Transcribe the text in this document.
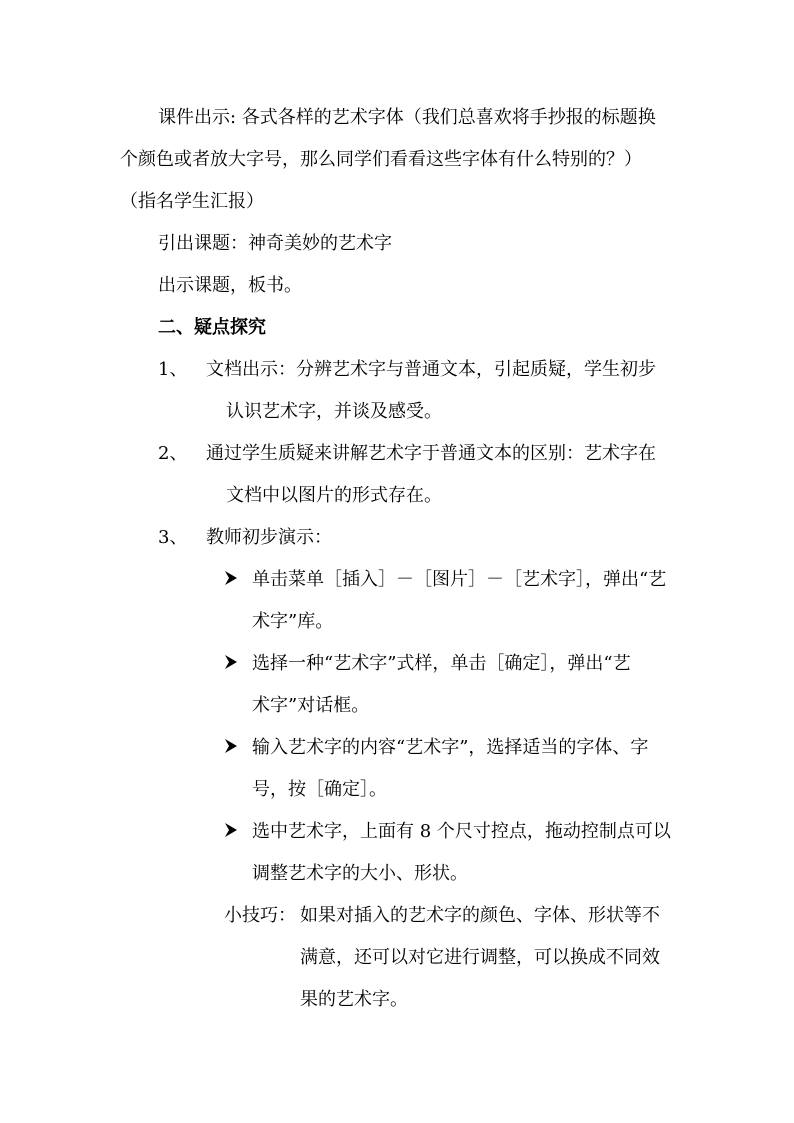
课件出示: 各式各样的艺术字体（我们总喜欢将手抄报的标题换
个颜色或者放大字号，那么同学们看看这些字体有什么特别的？）
（指名学生汇报）
引出课题：神奇美妙的艺术字
出示课题，板书。
二、疑点探究
1、 文档出示：分辨艺术字与普通文本，引起质疑，学生初步
认识艺术字，并谈及感受。
2、 通过学生质疑来讲解艺术字于普通文本的区别：艺术字在
文档中以图片的形式存在。
3、 教师初步演示：
单击菜单［插入］－［图片］－［艺术字］，弹出“艺
术字”库。
选择一种“艺术字”式样，单击［确定］，弹出“艺
术字”对话框。
输入艺术字的内容“艺术字”，选择适当的字体、字
号，按［确定］。
选中艺术字，上面有 8 个尺寸控点，拖动控制点可以
调整艺术字的大小、形状。
小技巧： 如果对插入的艺术字的颜色、字体、形状等不
满意，还可以对它进行调整，可以换成不同效
果的艺术字。
